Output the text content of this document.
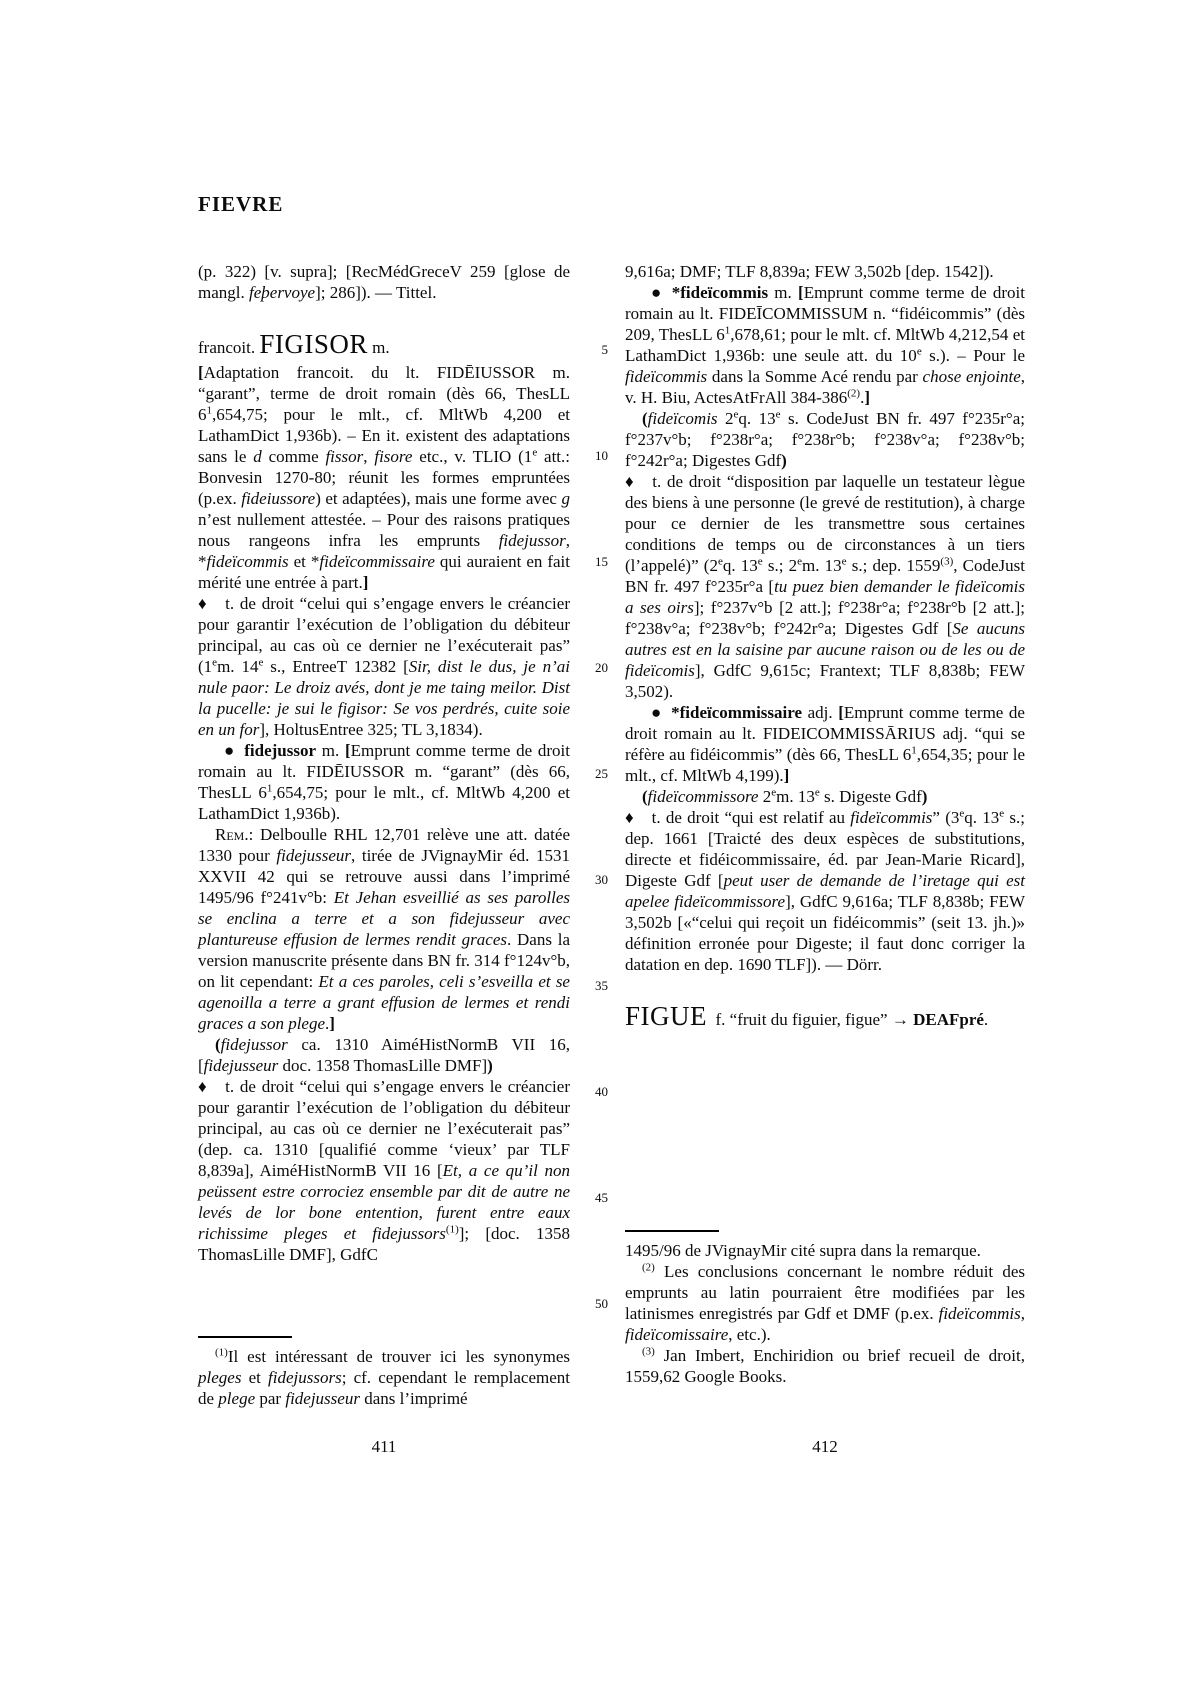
FIEVRE
5
10
15
20
25
30
35
40
45
50

(p. 322) [v. supra]; [RecMédGreceV 259 [glose de mangl. feþervoye]; 286]). — Tittel.

francoit. FIGISOR m.

[Adaptation francoit. du lt. FIDĒIUSSOR m. “garant”, terme de droit romain (dès 66, ThesLL $6^1,654,75$; pour le mlt., cf. MltWb 4,200 et LathamDict 1,936b). – En it. existent des adaptations sans le d comme fissor, fisore etc., v. TLIO (1e att.: Bonvesin 1270-80; réunit les formes empruntées (p.ex. fideiussore) et adaptées), mais une forme avec g n’est nullement attestée. – Pour des raisons pratiques nous rangeons infra les emprunts fidejussor, *fideïcommis et *fideïcommissaire qui auraient en fait mérité une entrée à part.]

♦ t. de droit “celui qui s’engage envers le créancier pour garantir l’exécution de l’obligation du débiteur principal, au cas où ce dernier ne l’exécuterait pas” (1em. 14e s., EntreeT 12382 [Sir, dist le dus, je n’ai nule paor: Le droiz avés, dont je me taing meilor. Dist la pucelle: je sui le figisor: Se vos perdrés, cuite soie en un for], HoltusEntree 325; TL 3,1834).

● fidejussor m. [Emprunt comme terme de droit romain au lt. FIDĒIUSSOR m. “garant” (dès 66, ThesLL $6^1,654,75$; pour le mlt., cf. MltWb 4,200 et LathamDict 1,936b).

Rem.: Delboulle RHL 12,701 relève une att. datée 1330 pour fidejusseur, tirée de JVignayMir éd. 1531 XXVII 42 qui se retrouve aussi dans l’imprimé 1495/96 f°241v°b: Et Jehan esveillié as ses parolles se enclina a terre et a son fidejusseur avec plantureuse effusion de lermes rendit graces. Dans la version manuscrite présente dans BN fr. 314 f°124v°b, on lit cependant: Et a ces paroles, celi s’esveilla et se agenoilla a terre a grant effusion de lermes et rendi graces a son plege.]

(fidejussor ca. 1310 AiméHistNormB VII 16, [fidejusseur doc. 1358 ThomasLille DMF])

♦ t. de droit “celui qui s’engage envers le créancier pour garantir l’exécution de l’obligation du débiteur principal, au cas où ce dernier ne l’exécuterait pas” (dep. ca. 1310 [qualifié comme ‘vieux’ par TLF 8,839a], AiméHistNormB VII 16 [Et, a ce qu’il non peüssent estre corrociez ensemble par dit de autre ne levés de lor bone entention, furent entre eaux richissime pleges et fidejussors$^{(1)}$]; [doc. 1358 ThomasLille DMF], GdfC

$^{(1)}$Il est intéressant de trouver ici les synonymes pleges et fidejussors; cf. cependant le remplacement de plege par fidejusseur dans l’imprimé

9,616a; DMF; TLF 8,839a; FEW 3,502b [dep. 1542]).

● *fideïcommis m. [Emprunt comme terme de droit romain au lt. FIDEĪCOMMISSUM n. “fidéicommis” (dès 209, ThesLL $6^1,678,61$; pour le mlt. cf. MltWb 4,212,54 et LathamDict 1,936b: une seule att. du 10e s.). – Pour le fideïcommis dans la Somme Acé rendu par chose enjointe, v. H. Biu, ActesAtFrAll 384-386$^{(2)}$.]

(fideïcomis 2eq. 13e s. CodeJust BN fr. 497 f°235r°a; f°237v°b; f°238r°a; f°238r°b; f°238v°a; f°238v°b; f°242r°a; Digestes Gdf)

♦ t. de droit “disposition par laquelle un testateur lègue des biens à une personne (le grevé de restitution), à charge pour ce dernier de les transmettre sous certaines conditions de temps ou de circonstances à un tiers (l’appelé)” (2eq. 13e s.; 2em. 13e s.; dep. 1559$^{(3)}$, CodeJust BN fr. 497 f°235r°a [tu puez bien demander le fideïcomis a ses oirs]; f°237v°b [2 att.]; f°238r°a; f°238r°b [2 att.]; f°238v°a; f°238v°b; f°242r°a; Digestes Gdf [Se aucuns autres est en la saisine par aucune raison ou de les ou de fideïcomis], GdfC 9,615c; Frantext; TLF 8,838b; FEW 3,502).

● *fideïcommissaire adj. [Emprunt comme terme de droit romain au lt. FIDEICOMMISSĀRIUS adj. “qui se réfère au fidéicommis” (dès 66, ThesLL $6^1,654,35$; pour le mlt., cf. MltWb 4,199).]

(fideïcommissore 2em. 13e s. Digeste Gdf)

♦ t. de droit “qui est relatif au fideïcommis” (3eq. 13e s.; dep. 1661 [Traicté des deux espèces de substitutions, directe et fidéicommissaire, éd. par Jean-Marie Ricard], Digeste Gdf [peut user de demande de l’iretage qui est apelee fideïcommissore], GdfC 9,616a; TLF 8,838b; FEW 3,502b [«“celui qui reçoit un fidéicommis” (seit 13. jh.)» définition erronée pour Digeste; il faut donc corriger la datation en dep. 1690 TLF]). — Dörr.

FIGUE f. “fruit du figuier, figue” → DEAFpré.

1495/96 de JVignayMir cité supra dans la remarque.

$^{(2)}$ Les conclusions concernant le nombre réduit des emprunts au latin pourraient être modifiées par les latinismes enregistrés par Gdf et DMF (p.ex. fideïcommis, fideïcomissaire, etc.).

$^{(3)}$ Jan Imbert, Enchiridion ou brief recueil de droit, 1559,62 Google Books.

411	412
